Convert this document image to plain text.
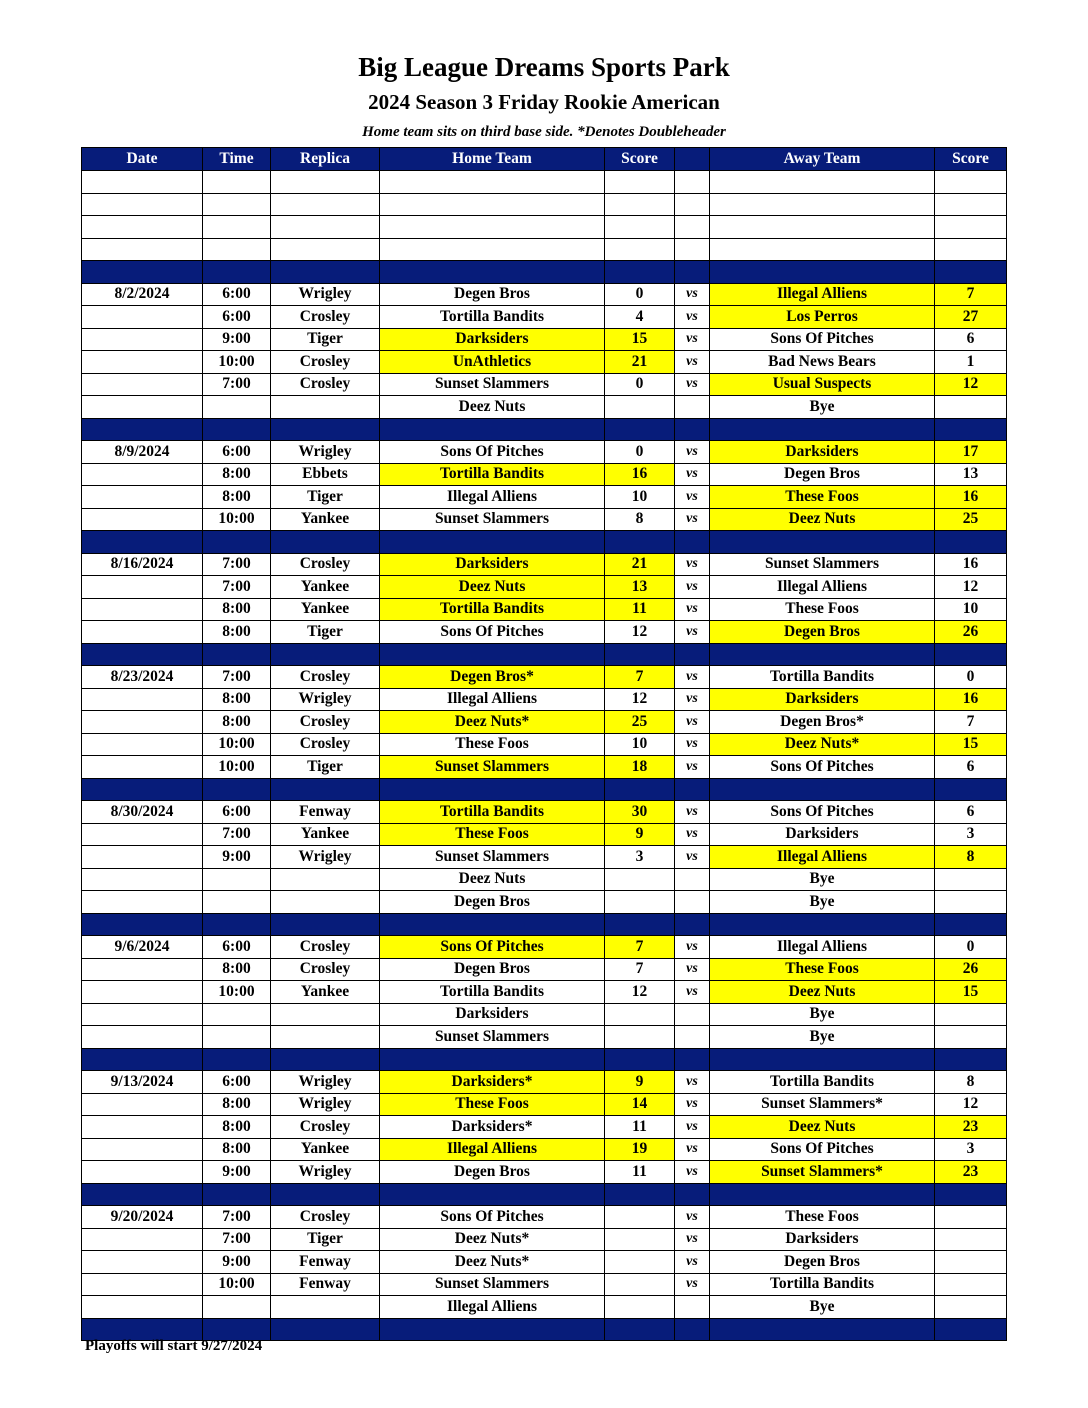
Big League Dreams Sports Park
2024 Season 3 Friday Rookie American
Home team sits on third base side. *Denotes Doubleheader
Date	Time	Replica	Home Team	Score		Away Team	Score

8/2/2024	6:00	Wrigley	Degen Bros	0	vs	Illegal Alliens	7
	6:00	Crosley	Tortilla Bandits	4	vs	Los Perros	27
	9:00	Tiger	Darksiders	15	vs	Sons Of Pitches	6
	10:00	Crosley	UnAthletics	21	vs	Bad News Bears	1
	7:00	Crosley	Sunset Slammers	0	vs	Usual Suspects	12
			Deez Nuts			Bye	

8/9/2024	6:00	Wrigley	Sons Of Pitches	0	vs	Darksiders	17
	8:00	Ebbets	Tortilla Bandits	16	vs	Degen Bros	13
	8:00	Tiger	Illegal Alliens	10	vs	These Foos	16
	10:00	Yankee	Sunset Slammers	8	vs	Deez Nuts	25

8/16/2024	7:00	Crosley	Darksiders	21	vs	Sunset Slammers	16
	7:00	Yankee	Deez Nuts	13	vs	Illegal Alliens	12
	8:00	Yankee	Tortilla Bandits	11	vs	These Foos	10
	8:00	Tiger	Sons Of Pitches	12	vs	Degen Bros	26

8/23/2024	7:00	Crosley	Degen Bros*	7	vs	Tortilla Bandits	0
	8:00	Wrigley	Illegal Alliens	12	vs	Darksiders	16
	8:00	Crosley	Deez Nuts*	25	vs	Degen Bros*	7
	10:00	Crosley	These Foos	10	vs	Deez Nuts*	15
	10:00	Tiger	Sunset Slammers	18	vs	Sons Of Pitches	6

8/30/2024	6:00	Fenway	Tortilla Bandits	30	vs	Sons Of Pitches	6
	7:00	Yankee	These Foos	9	vs	Darksiders	3
	9:00	Wrigley	Sunset Slammers	3	vs	Illegal Alliens	8
			Deez Nuts			Bye	
			Degen Bros			Bye	

9/6/2024	6:00	Crosley	Sons Of Pitches	7	vs	Illegal Alliens	0
	8:00	Crosley	Degen Bros	7	vs	These Foos	26
	10:00	Yankee	Tortilla Bandits	12	vs	Deez Nuts	15
			Darksiders			Bye	
			Sunset Slammers			Bye	

9/13/2024	6:00	Wrigley	Darksiders*	9	vs	Tortilla Bandits	8
	8:00	Wrigley	These Foos	14	vs	Sunset Slammers*	12
	8:00	Crosley	Darksiders*	11	vs	Deez Nuts	23
	8:00	Yankee	Illegal Alliens	19	vs	Sons Of Pitches	3
	9:00	Wrigley	Degen Bros	11	vs	Sunset Slammers*	23

9/20/2024	7:00	Crosley	Sons Of Pitches		vs	These Foos	
	7:00	Tiger	Deez Nuts*		vs	Darksiders	
	9:00	Fenway	Deez Nuts*		vs	Degen Bros	
	10:00	Fenway	Sunset Slammers		vs	Tortilla Bandits	
			Illegal Alliens			Bye	

Playoffs will start 9/27/2024
